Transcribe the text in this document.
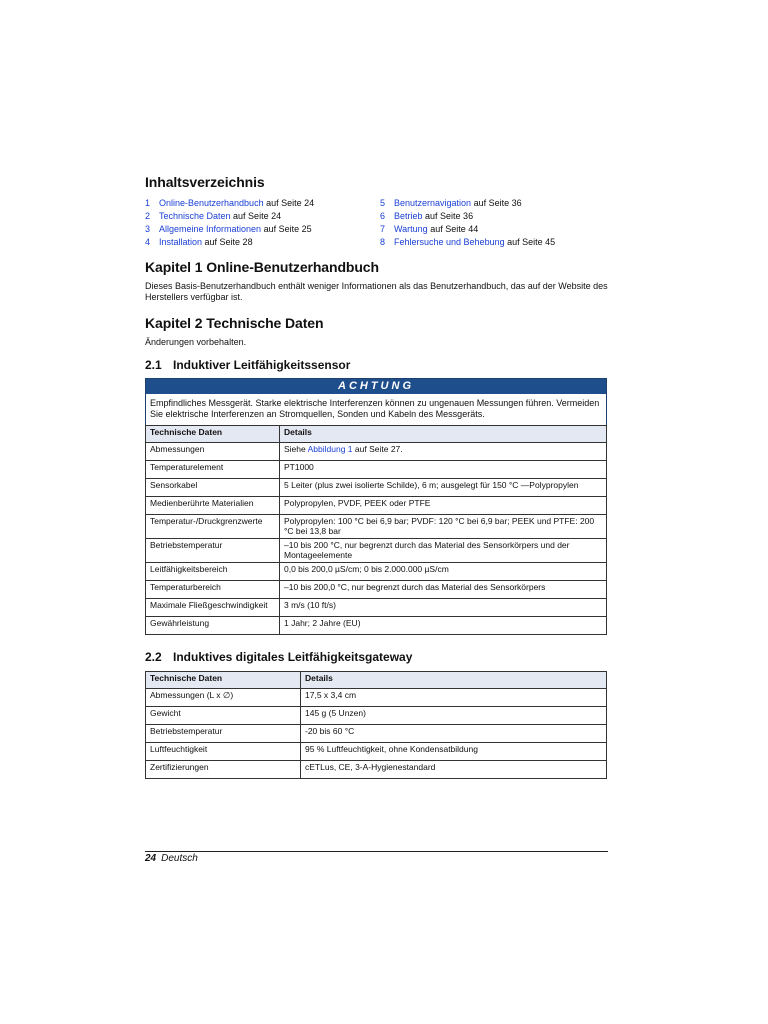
Inhaltsverzeichnis
1 Online-Benutzerhandbuch auf Seite 24
2 Technische Daten auf Seite 24
3 Allgemeine Informationen auf Seite 25
4 Installation auf Seite 28
5 Benutzernavigation auf Seite 36
6 Betrieb auf Seite 36
7 Wartung auf Seite 44
8 Fehlersuche und Behebung auf Seite 45
Kapitel 1 Online-Benutzerhandbuch

Dieses Basis-Benutzerhandbuch enthält weniger Informationen als das Benutzerhandbuch, das auf der Website des Herstellers verfügbar ist.

Kapitel 2 Technische Daten

Änderungen vorbehalten.

2.1 Induktiver Leitfähigkeitssensor
ACHTUNG
Empfindliches Messgerät. Starke elektrische Interferenzen können zu ungenauen Messungen führen. Vermeiden Sie elektrische Interferenzen an Stromquellen, Sonden und Kabeln des Messgeräts.
Technische Daten	Details
Abmessungen	Siehe Abbildung 1 auf Seite 27.
Temperaturelement	PT1000
Sensorkabel	5 Leiter (plus zwei isolierte Schilde), 6 m; ausgelegt für 150 °C —Polypropylen
Medienberührte Materialien	Polypropylen, PVDF, PEEK oder PTFE
Temperatur-/Druckgrenzwerte	Polypropylen: 100 °C bei 6,9 bar; PVDF: 120 °C bei 6,9 bar; PEEK und PTFE: 200 °C bei 13,8 bar
Betriebstemperatur	–10 bis 200 °C, nur begrenzt durch das Material des Sensorkörpers und der Montageelemente
Leitfähigkeitsbereich	0,0 bis 200,0 µS/cm; 0 bis 2.000.000 µS/cm
Temperaturbereich	–10 bis 200,0 °C, nur begrenzt durch das Material des Sensorkörpers
Maximale Fließgeschwindigkeit	3 m/s (10 ft/s)
Gewährleistung	1 Jahr; 2 Jahre (EU)
2.2 Induktives digitales Leitfähigkeitsgateway
Technische Daten	Details
Abmessungen (L x ∅)	17,5 x 3,4 cm
Gewicht	145 g (5 Unzen)
Betriebstemperatur	-20 bis 60 °C
Luftfeuchtigkeit	95 % Luftfeuchtigkeit, ohne Kondensatbildung
Zertifizierungen	cETLus, CE, 3-A-Hygienestandard
24 Deutsch
